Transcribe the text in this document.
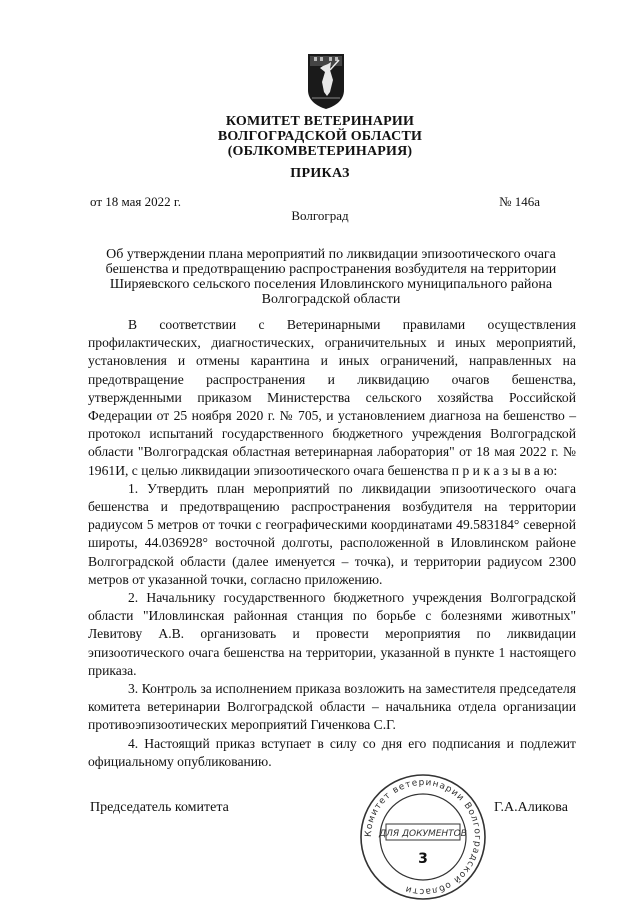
КОМИТЕТ ВЕТЕРИНАРИИ
ВОЛГОГРАДСКОЙ ОБЛАСТИ
(ОБЛКОМВЕТЕРИНАРИЯ)
ПРИКАЗ
от 18 мая 2022 г.	№ 146а
Волгоград
Об утверждении плана мероприятий по ликвидации эпизоотического очага бешенства и предотвращению распространения возбудителя на территории Ширяевского сельского поселения Иловлинского муниципального района Волгоградской области

В соответствии с Ветеринарными правилами осуществления профилактических, диагностических, ограничительных и иных мероприятий, установления и отмены карантина и иных ограничений, направленных на предотвращение распространения и ликвидацию очагов бешенства, утвержденными приказом Министерства сельского хозяйства Российской Федерации от 25 ноября 2020 г. № 705, и установлением диагноза на бешенство – протокол испытаний государственного бюджетного учреждения Волгоградской области "Волгоградская областная ветеринарная лаборатория" от 18 мая 2022 г. № 1961И, с целью ликвидации эпизоотического очага бешенства п р и к а з ы в а ю:

1. Утвердить план мероприятий по ликвидации эпизоотического очага бешенства и предотвращению распространения возбудителя на территории радиусом 5 метров от точки с географическими координатами 49.583184° северной широты, 44.036928° восточной долготы, расположенной в Иловлинском районе Волгоградской области (далее именуется – точка), и территории радиусом 2300 метров от указанной точки, согласно приложению.

2. Начальнику государственного бюджетного учреждения Волгоградской области "Иловлинская районная станция по борьбе с болезнями животных" Левитову А.В. организовать и провести мероприятия по ликвидации эпизоотического очага бешенства на территории, указанной в пункте 1 настоящего приказа.

3. Контроль за исполнением приказа возложить на заместителя председателя комитета ветеринарии Волгоградской области – начальника отдела организации противоэпизоотических мероприятий Гиченкова С.Г.

4. Настоящий приказ вступает в силу со дня его подписания и подлежит официальному опубликованию.

Председатель комитета	Г.А.Аликова
Комитет ветеринарии Волгоградской области
ДЛЯ ДОКУМЕНТОВ
3
